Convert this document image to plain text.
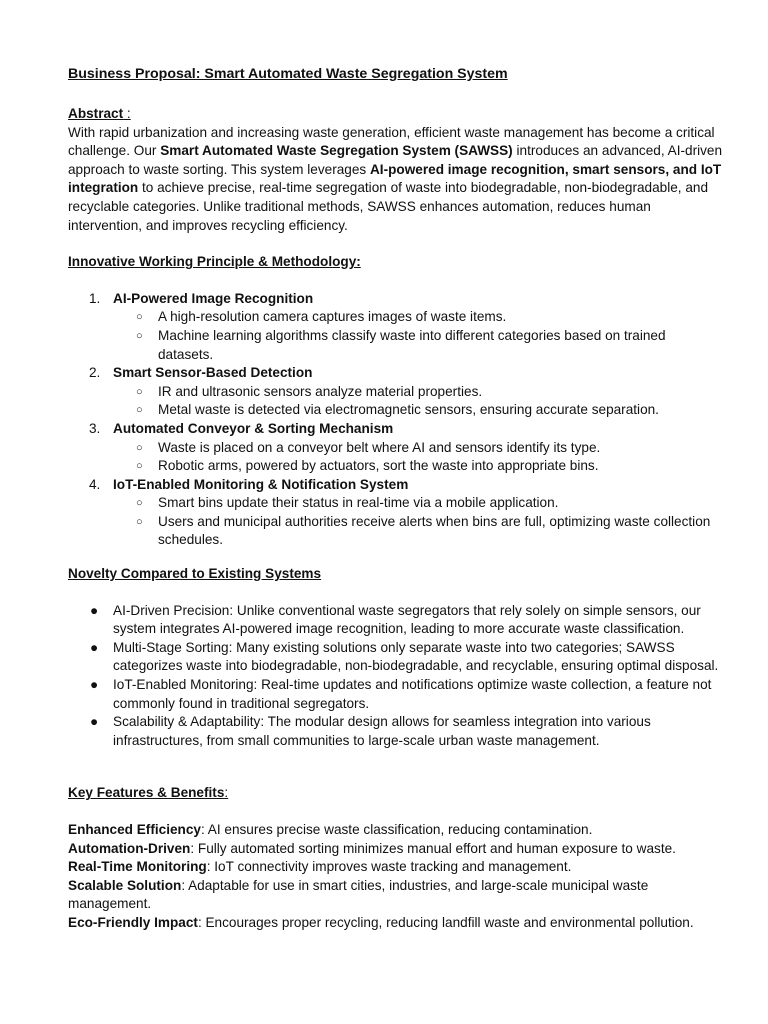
Business Proposal: Smart Automated Waste Segregation System

Abstract :

With rapid urbanization and increasing waste generation, efficient waste management has become a critical challenge. Our Smart Automated Waste Segregation System (SAWSS) introduces an advanced, AI-driven approach to waste sorting. This system leverages AI-powered image recognition, smart sensors, and IoT integration to achieve precise, real-time segregation of waste into biodegradable, non-biodegradable, and recyclable categories. Unlike traditional methods, SAWSS enhances automation, reduces human intervention, and improves recycling efficiency.

Innovative Working Principle & Methodology:

1. AI-Powered Image Recognition
○ A high-resolution camera captures images of waste items.
○ Machine learning algorithms classify waste into different categories based on trained datasets.
2. Smart Sensor-Based Detection
○ IR and ultrasonic sensors analyze material properties.
○ Metal waste is detected via electromagnetic sensors, ensuring accurate separation.
3. Automated Conveyor & Sorting Mechanism
○ Waste is placed on a conveyor belt where AI and sensors identify its type.
○ Robotic arms, powered by actuators, sort the waste into appropriate bins.
4. IoT-Enabled Monitoring & Notification System
○ Smart bins update their status in real-time via a mobile application.
○ Users and municipal authorities receive alerts when bins are full, optimizing waste collection schedules.

Novelty Compared to Existing Systems

● AI-Driven Precision: Unlike conventional waste segregators that rely solely on simple sensors, our system integrates AI-powered image recognition, leading to more accurate waste classification.
● Multi-Stage Sorting: Many existing solutions only separate waste into two categories; SAWSS categorizes waste into biodegradable, non-biodegradable, and recyclable, ensuring optimal disposal.
● IoT-Enabled Monitoring: Real-time updates and notifications optimize waste collection, a feature not commonly found in traditional segregators.
● Scalability & Adaptability: The modular design allows for seamless integration into various infrastructures, from small communities to large-scale urban waste management.

Key Features & Benefits:

Enhanced Efficiency: AI ensures precise waste classification, reducing contamination.

Automation-Driven: Fully automated sorting minimizes manual effort and human exposure to waste.

Real-Time Monitoring: IoT connectivity improves waste tracking and management.

Scalable Solution: Adaptable for use in smart cities, industries, and large-scale municipal waste management.

Eco-Friendly Impact: Encourages proper recycling, reducing landfill waste and environmental pollution.
